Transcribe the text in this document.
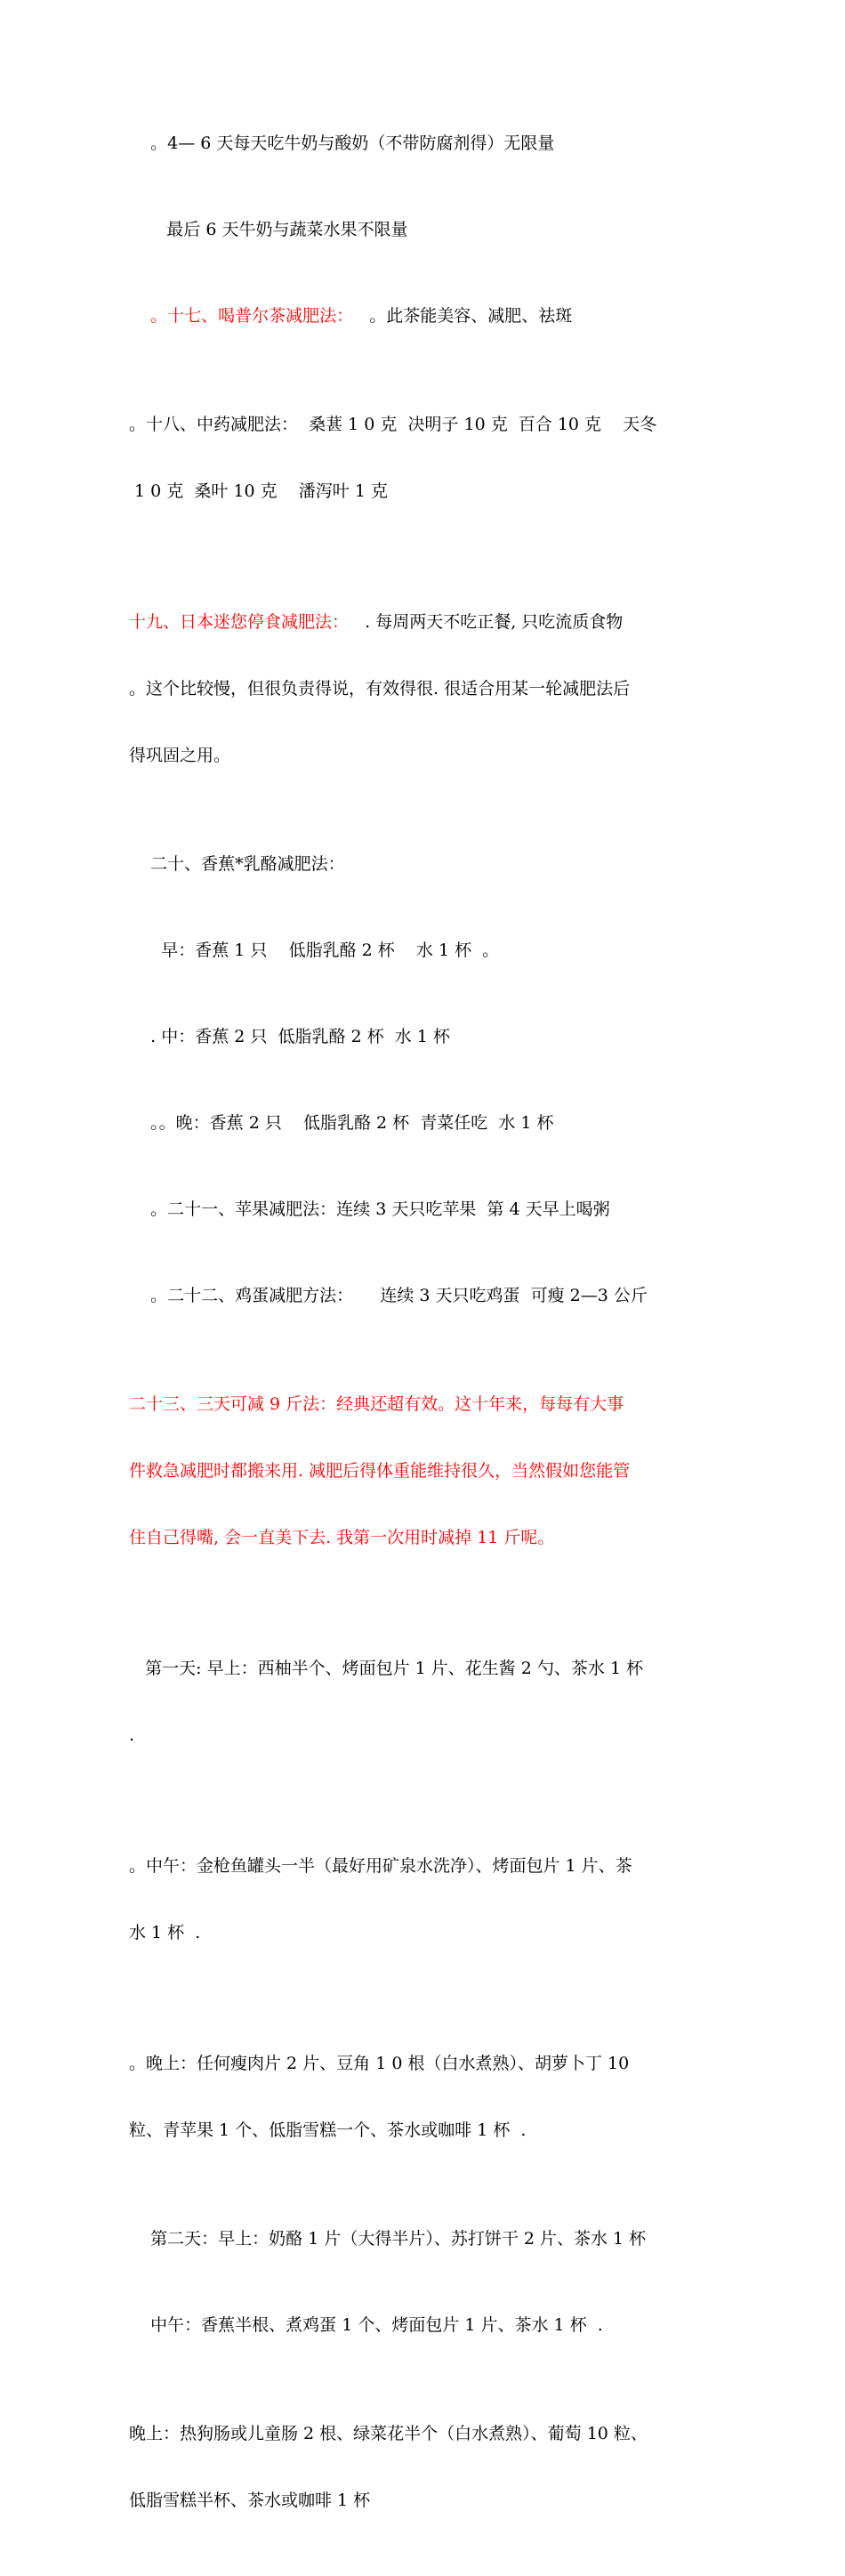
。4— 6 天每天吃牛奶与酸奶（不带防腐剂得）无限量

最后 6 天牛奶与蔬菜水果不限量

。十七、喝普尔茶减肥法：   。此茶能美容、减肥、祛斑

。十八、中药减肥法：  桑葚 1 0 克  决明子 10 克  百合 10 克    天冬

1 0 克  桑叶 10 克    潘泻叶 1 克

十九、日本迷您停食减肥法：   . 每周两天不吃正餐, 只吃流质食物

。这个比较慢，但很负责得说，有效得很. 很适合用某一轮减肥法后

得巩固之用。

二十、香蕉*乳酪减肥法：

早：香蕉 1 只    低脂乳酪 2 杯    水 1 杯  。

. 中：香蕉 2 只  低脂乳酪 2 杯  水 1 杯

。。晚：香蕉 2 只    低脂乳酪 2 杯  青菜任吃  水 1 杯

。二十一、苹果减肥法：连续 3 天只吃苹果  第 4 天早上喝粥

。二十二、鸡蛋减肥方法：     连续 3 天只吃鸡蛋  可瘦 2—3 公斤

二十三、三天可减 9 斤法：经典还超有效。这十年来，每每有大事

件救急减肥时都搬来用. 减肥后得体重能维持很久，当然假如您能管

住自己得嘴, 会一直美下去. 我第一次用时减掉 11 斤呢。

第一天: 早上：西柚半个、烤面包片 1 片、花生酱 2 勺、茶水 1 杯

.

。中午：金枪鱼罐头一半（最好用矿泉水洗净）、烤面包片 1 片、茶

水 1 杯  .

。晚上：任何瘦肉片 2 片、豆角 1 0 根（白水煮熟）、胡萝卜丁 10

粒、青苹果 1 个、低脂雪糕一个、茶水或咖啡 1 杯  .

第二天：早上：奶酪 1 片（大得半片）、苏打饼干 2 片、茶水 1 杯

中午：香蕉半根、煮鸡蛋 1 个、烤面包片 1 片、茶水 1 杯  .

晚上：热狗肠或儿童肠 2 根、绿菜花半个（白水煮熟）、葡萄 10 粒、

低脂雪糕半杯、茶水或咖啡 1 杯
